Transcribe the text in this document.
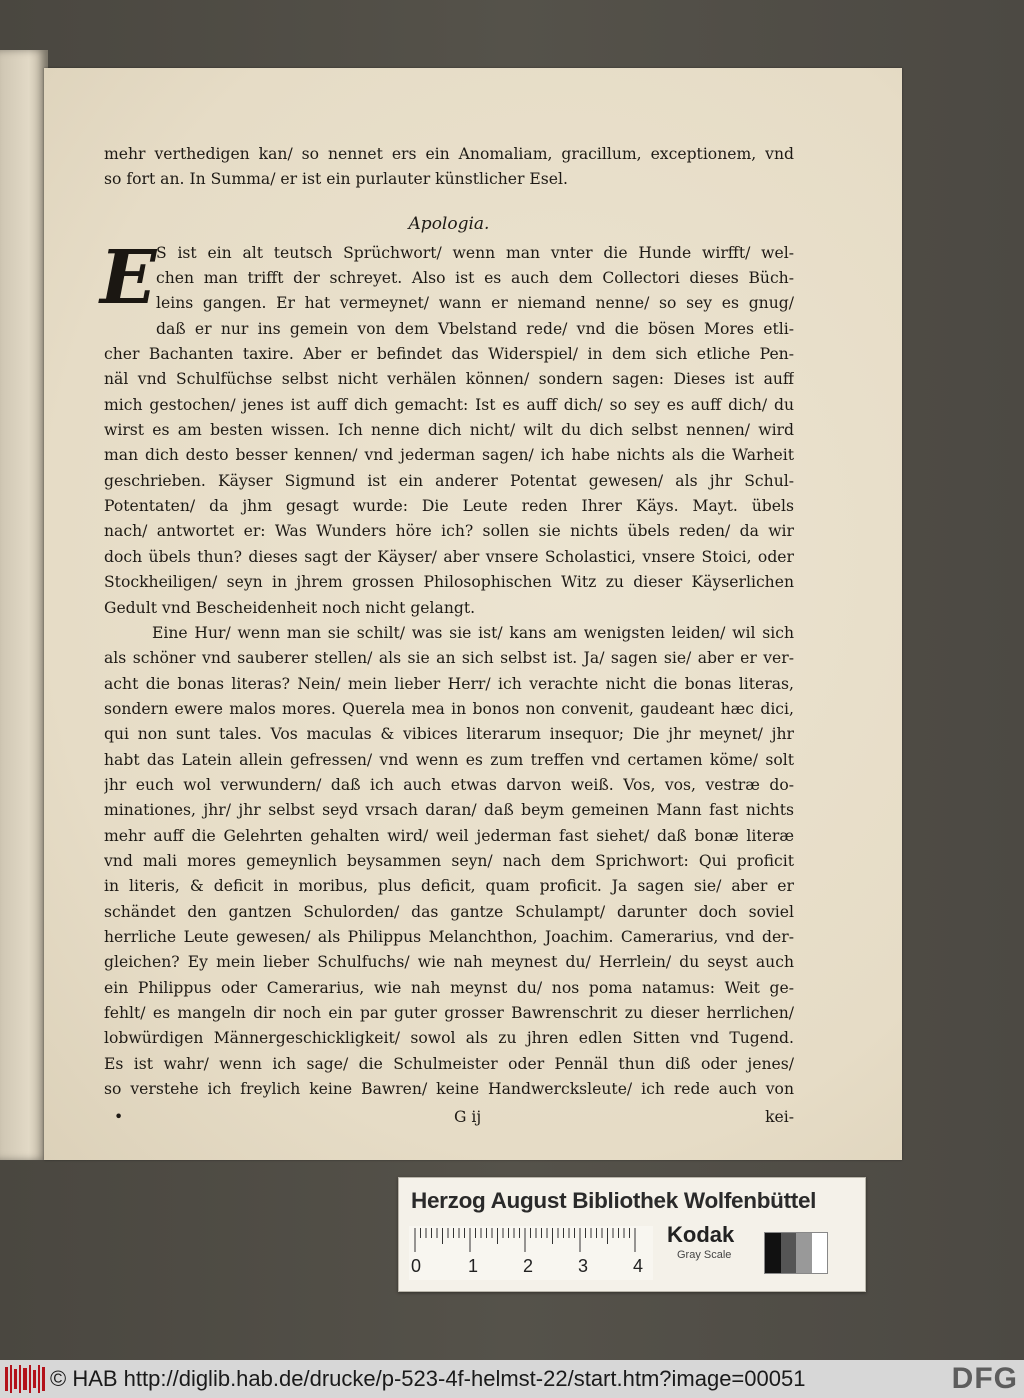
mehr verthedigen kan/ so nennet ers ein Anomaliam, gracillum, exceptionem, vnd
so fort an. In Summa/ er ist ein purlauter künstlicher Esel.
Apologia.
E S ist ein alt teutsch Sprüchwort/ wenn man vnter die Hunde wirfft/ wel-
chen man trifft der schreyet. Also ist es auch dem Collectori dieses Büch-
leins gangen. Er hat vermeynet/ wann er niemand nenne/ so sey es gnug/
daß er nur ins gemein von dem Vbelstand rede/ vnd die bösen Mores etli-
cher Bachanten taxire. Aber er befindet das Widerspiel/ in dem sich etliche Pen-
näl vnd Schulfüchse selbst nicht verhälen können/ sondern sagen: Dieses ist auff
mich gestochen/ jenes ist auff dich gemacht: Ist es auff dich/ so sey es auff dich/ du
wirst es am besten wissen. Ich nenne dich nicht/ wilt du dich selbst nennen/ wird
man dich desto besser kennen/ vnd jederman sagen/ ich habe nichts als die Warheit
geschrieben. Käyser Sigmund ist ein anderer Potentat gewesen/ als jhr Schul-
Potentaten/ da jhm gesagt wurde: Die Leute reden Ihrer Käys. Mayt. übels
nach/ antwortet er: Was Wunders höre ich? sollen sie nichts übels reden/ da wir
doch übels thun? dieses sagt der Käyser/ aber vnsere Scholastici, vnsere Stoici, oder
Stockheiligen/ seyn in jhrem grossen Philosophischen Witz zu dieser Käyserlichen
Gedult vnd Bescheidenheit noch nicht gelangt.
Eine Hur/ wenn man sie schilt/ was sie ist/ kans am wenigsten leiden/ wil sich
als schöner vnd sauberer stellen/ als sie an sich selbst ist. Ja/ sagen sie/ aber er ver-
acht die bonas literas? Nein/ mein lieber Herr/ ich verachte nicht die bonas literas,
sondern ewere malos mores. Querela mea in bonos non convenit, gaudeant hæc dici,
qui non sunt tales. Vos maculas & vibices literarum insequor; Die jhr meynet/ jhr
habt das Latein allein gefressen/ vnd wenn es zum treffen vnd certamen köme/ solt
jhr euch wol verwundern/ daß ich auch etwas darvon weiß. Vos, vos, vestræ do-
minationes, jhr/ jhr selbst seyd vrsach daran/ daß beym gemeinen Mann fast nichts
mehr auff die Gelehrten gehalten wird/ weil jederman fast siehet/ daß bonæ literæ
vnd mali mores gemeynlich beysammen seyn/ nach dem Sprichwort: Qui proficit
in literis, & deficit in moribus, plus deficit, quam proficit. Ja sagen sie/ aber er
schändet den gantzen Schulorden/ das gantze Schulampt/ darunter doch soviel
herrliche Leute gewesen/ als Philippus Melanchthon, Joachim. Camerarius, vnd der-
gleichen? Ey mein lieber Schulfuchs/ wie nah meynest du/ Herrlein/ du seyst auch
ein Philippus oder Camerarius, wie nah meynst du/ nos poma natamus: Weit ge-
fehlt/ es mangeln dir noch ein par guter grosser Bawrenschrit zu dieser herrlichen/
lobwürdigen Männergeschickligkeit/ sowol als zu jhren edlen Sitten vnd Tugend.
Es ist wahr/ wenn ich sage/ die Schulmeister oder Pennäl thun diß oder jenes/
so verstehe ich freylich keine Bawren/ keine Handwercksleute/ ich rede auch von
•	G ij	kei-
Herzog August Bibliothek Wolfenbüttel
0	1 2 3 4
Kodak
Gray Scale
© HAB http://diglib.hab.de/drucke/p-523-4f-helmst-22/start.htm?image=00051	DFG
